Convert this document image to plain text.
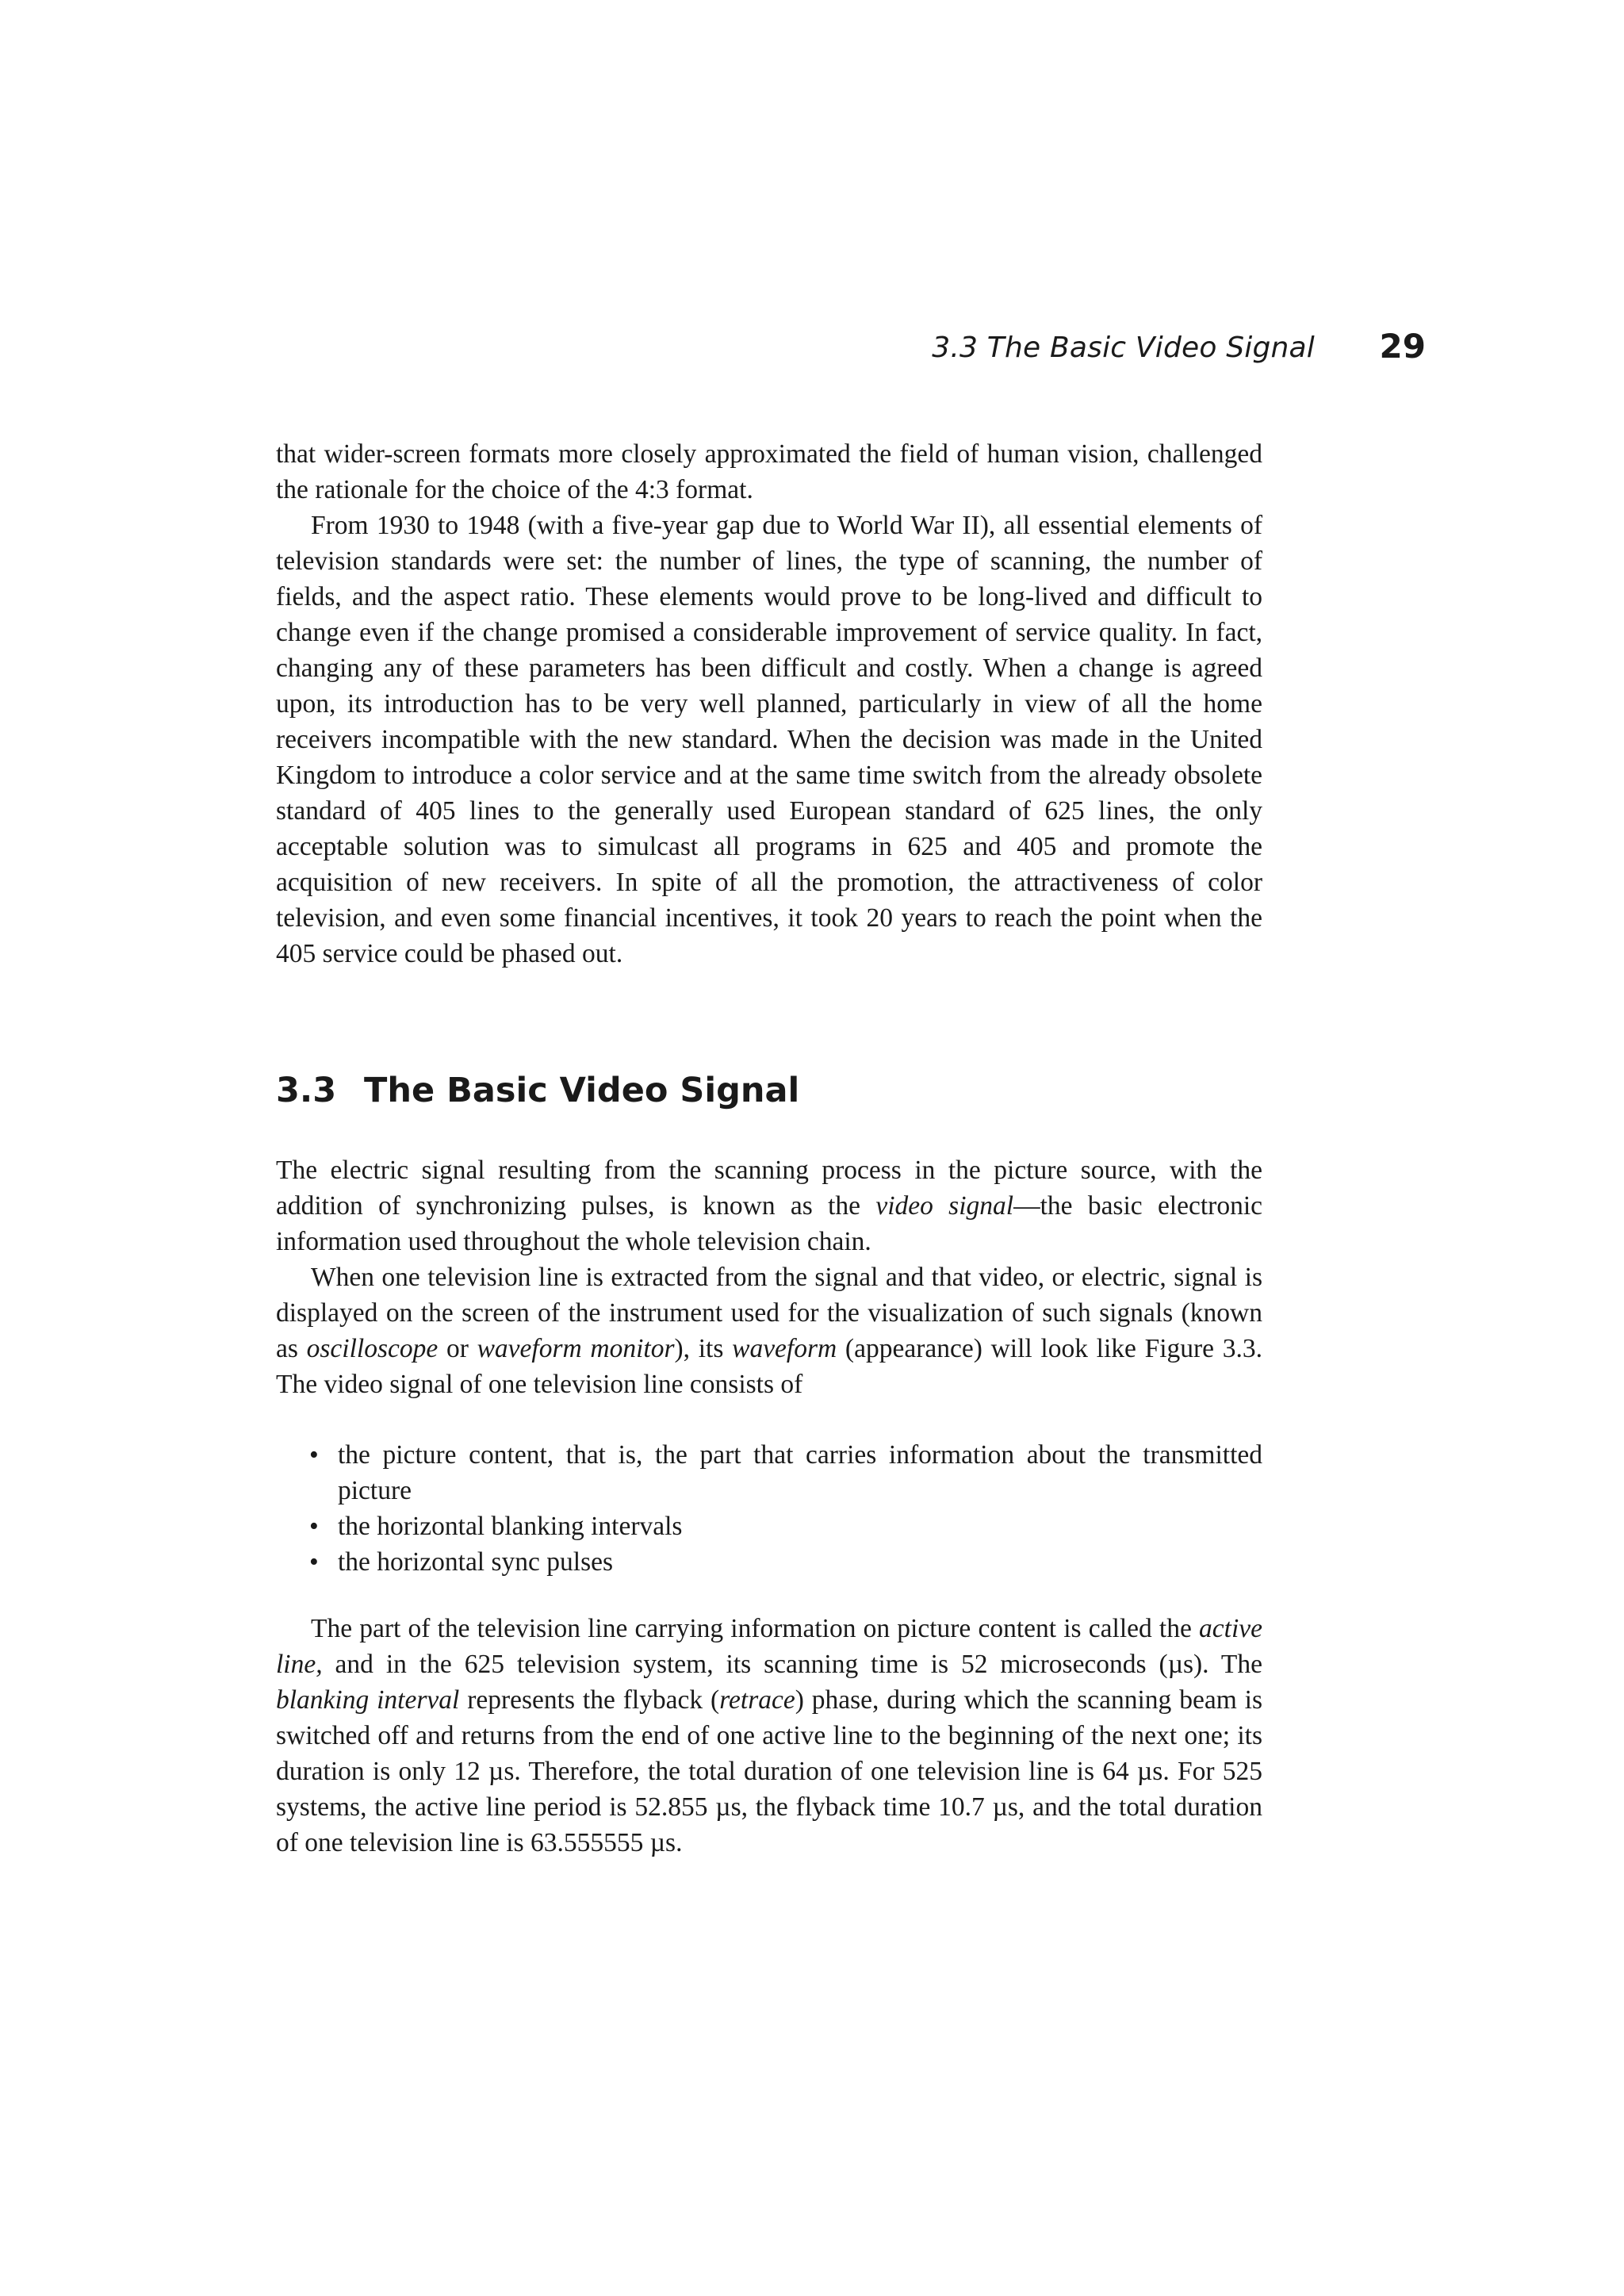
3.3 The Basic Video Signal 29

that wider-screen formats more closely approximated the field of human vision, challenged the rationale for the choice of the 4:3 format.

From 1930 to 1948 (with a five-year gap due to World War II), all essential elements of television standards were set: the number of lines, the type of scanning, the number of fields, and the aspect ratio. These elements would prove to be long-lived and difficult to change even if the change promised a considerable improvement of service quality. In fact, changing any of these parameters has been difficult and costly. When a change is agreed upon, its introduction has to be very well planned, particularly in view of all the home receivers incompatible with the new standard. When the decision was made in the United Kingdom to introduce a color service and at the same time switch from the already obsolete standard of 405 lines to the generally used European standard of 625 lines, the only acceptable solution was to simulcast all programs in 625 and 405 and promote the acquisition of new receivers. In spite of all the promotion, the attractiveness of color television, and even some financial incentives, it took 20 years to reach the point when the 405 service could be phased out.

3.3 The Basic Video Signal

The electric signal resulting from the scanning process in the picture source, with the addition of synchronizing pulses, is known as the video signal—the basic electronic information used throughout the whole television chain.

When one television line is extracted from the signal and that video, or electric, signal is displayed on the screen of the instrument used for the visualization of such signals (known as oscilloscope or waveform monitor), its waveform (appearance) will look like Figure 3.3. The video signal of one television line consists of

• the picture content, that is, the part that carries information about the transmitted picture
• the horizontal blanking intervals
• the horizontal sync pulses

The part of the television line carrying information on picture content is called the active line, and in the 625 television system, its scanning time is 52 microseconds (µs). The blanking interval represents the flyback (retrace) phase, during which the scanning beam is switched off and returns from the end of one active line to the beginning of the next one; its duration is only 12 µs. Therefore, the total duration of one television line is 64 µs. For 525 systems, the active line period is 52.855 µs, the flyback time 10.7 µs, and the total duration of one television line is 63.555555 µs.
